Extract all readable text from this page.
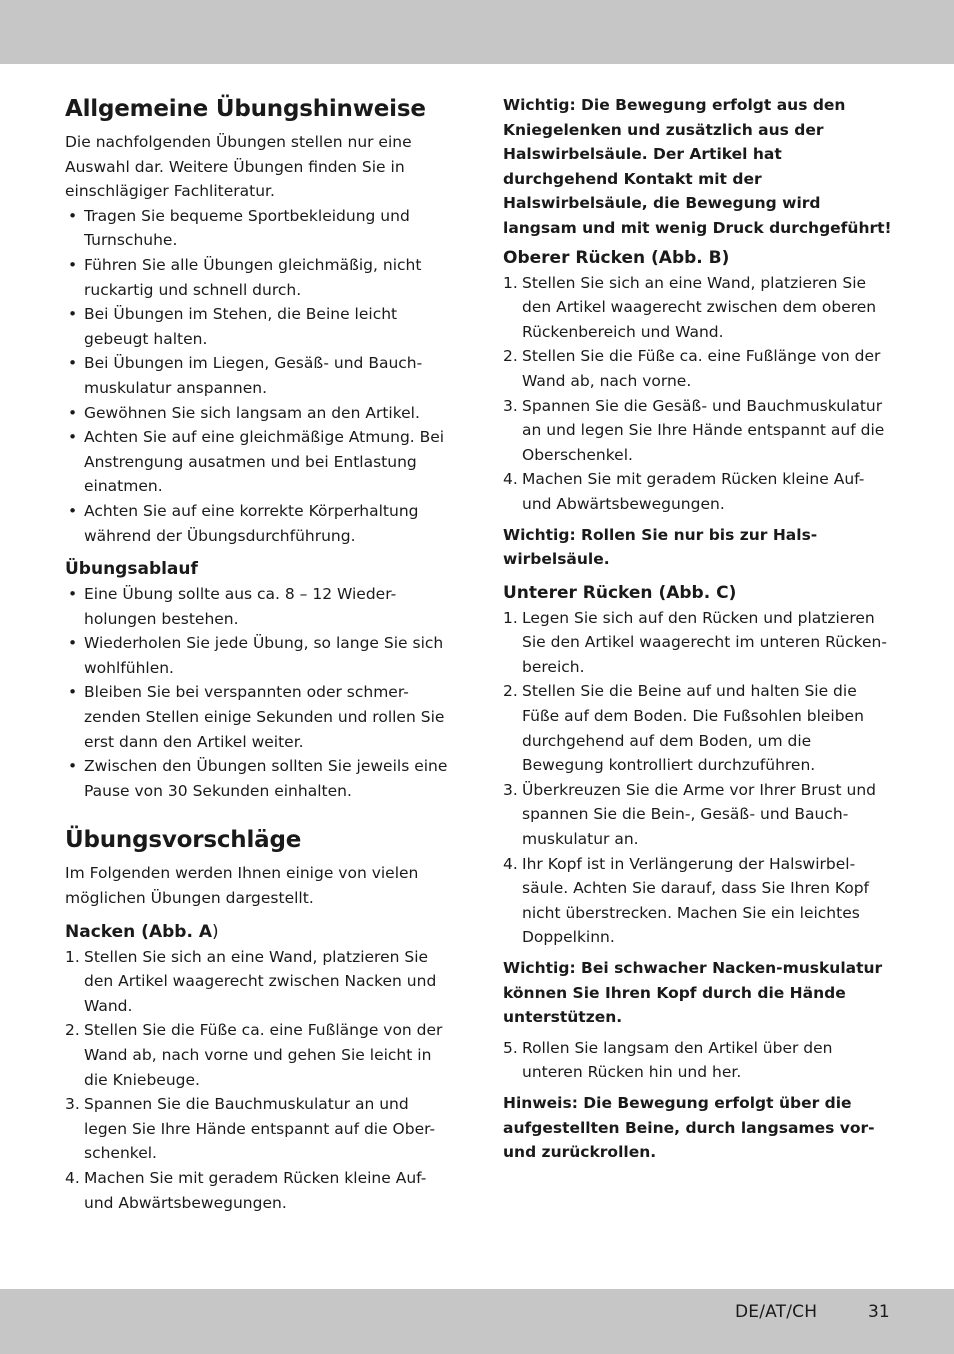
Allgemeine Übungshinweise

Die nachfolgenden Übungen stellen nur eine Auswahl dar. Weitere Übungen finden Sie in einschlägiger Fachliteratur.

• Tragen Sie bequeme Sportbekleidung und Turnschuhe.
• Führen Sie alle Übungen gleichmäßig, nicht ruckartig und schnell durch.
• Bei Übungen im Stehen, die Beine leicht gebeugt halten.
• Bei Übungen im Liegen, Gesäß- und Bauch-muskulatur anspannen.
• Gewöhnen Sie sich langsam an den Artikel.
• Achten Sie auf eine gleichmäßige Atmung. Bei Anstrengung ausatmen und bei Entlastung einatmen.
• Achten Sie auf eine korrekte Körperhaltung während der Übungsdurchführung.
Übungsablauf
• Eine Übung sollte aus ca. 8 – 12 Wieder-holungen bestehen.
• Wiederholen Sie jede Übung, so lange Sie sich wohlfühlen.
• Bleiben Sie bei verspannten oder schmer-zenden Stellen einige Sekunden und rollen Sie erst dann den Artikel weiter.
• Zwischen den Übungen sollten Sie jeweils eine Pause von 30 Sekunden einhalten.
Übungsvorschläge

Im Folgenden werden Ihnen einige von vielen möglichen Übungen dargestellt.

Nacken (Abb. A)
1. Stellen Sie sich an eine Wand, platzieren Sie den Artikel waagerecht zwischen Nacken und Wand.
2. Stellen Sie die Füße ca. eine Fußlänge von der Wand ab, nach vorne und gehen Sie leicht in die Kniebeuge.
3. Spannen Sie die Bauchmuskulatur an und legen Sie Ihre Hände entspannt auf die Ober-schenkel.
4. Machen Sie mit geradem Rücken kleine Auf- und Abwärtsbewegungen.

Wichtig: Die Bewegung erfolgt aus den Kniegelenken und zusätzlich aus der Halswirbelsäule. Der Artikel hat durchgehend Kontakt mit der Halswirbelsäule, die Bewegung wird langsam und mit wenig Druck durchgeführt!

Oberer Rücken (Abb. B)
1. Stellen Sie sich an eine Wand, platzieren Sie den Artikel waagerecht zwischen dem oberen Rückenbereich und Wand.
2. Stellen Sie die Füße ca. eine Fußlänge von der Wand ab, nach vorne.
3. Spannen Sie die Gesäß- und Bauchmuskulatur an und legen Sie Ihre Hände entspannt auf die Oberschenkel.
4. Machen Sie mit geradem Rücken kleine Auf- und Abwärtsbewegungen.

Wichtig: Rollen Sie nur bis zur Hals-wirbelsäule.

Unterer Rücken (Abb. C)
1. Legen Sie sich auf den Rücken und platzieren Sie den Artikel waagerecht im unteren Rücken-bereich.
2. Stellen Sie die Beine auf und halten Sie die Füße auf dem Boden. Die Fußsohlen bleiben durchgehend auf dem Boden, um die Bewegung kontrolliert durchzuführen.
3. Überkreuzen Sie die Arme vor Ihrer Brust und spannen Sie die Bein-, Gesäß- und Bauch-muskulatur an.
4. Ihr Kopf ist in Verlängerung der Halswirbel-säule. Achten Sie darauf, dass Sie Ihren Kopf nicht überstrecken. Machen Sie ein leichtes Doppelkinn.

Wichtig: Bei schwacher Nacken-muskulatur können Sie Ihren Kopf durch die Hände unterstützen.

5. Rollen Sie langsam den Artikel über den unteren Rücken hin und her.

Hinweis: Die Bewegung erfolgt über die aufgestellten Beine, durch langsames vor- und zurückrollen.

DE/AT/CH	31
